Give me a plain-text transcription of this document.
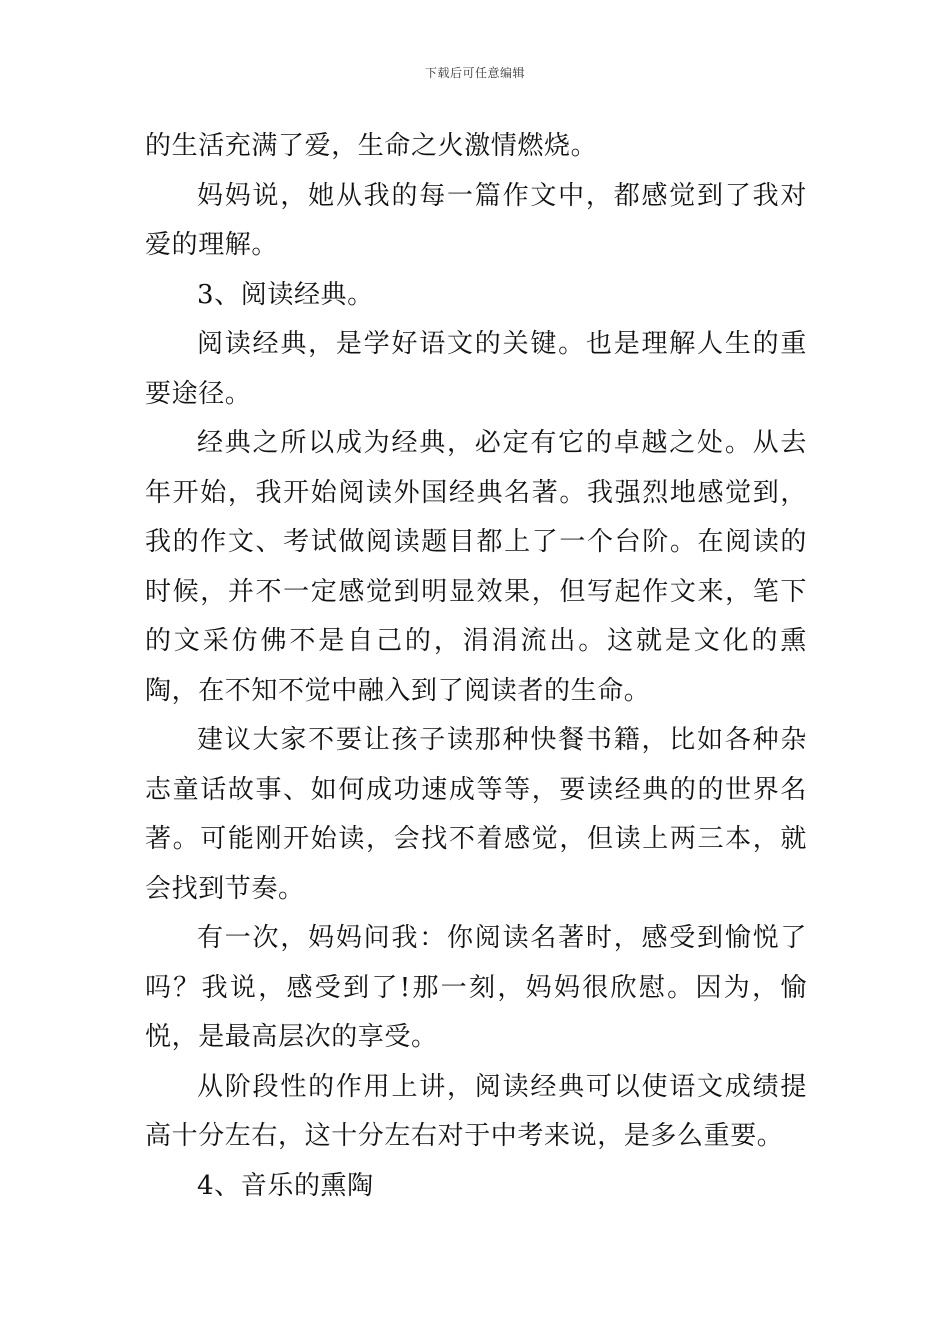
下载后可任意编辑

的生活充满了爱，生命之火激情燃烧。

妈妈说，她从我的每一篇作文中，都感觉到了我对爱的理解。

3、阅读经典。

阅读经典，是学好语文的关键。也是理解人生的重要途径。

经典之所以成为经典，必定有它的卓越之处。从去年开始，我开始阅读外国经典名著。我强烈地感觉到，我的作文、考试做阅读题目都上了一个台阶。在阅读的时候，并不一定感觉到明显效果，但写起作文来，笔下的文采仿佛不是自己的，涓涓流出。这就是文化的熏陶，在不知不觉中融入到了阅读者的生命。

建议大家不要让孩子读那种快餐书籍，比如各种杂志童话故事、如何成功速成等等，要读经典的的世界名著。可能刚开始读，会找不着感觉，但读上两三本，就会找到节奏。

有一次，妈妈问我：你阅读名著时，感受到愉悦了吗？我说，感受到了!那一刻，妈妈很欣慰。因为，愉悦，是最高层次的享受。

从阶段性的作用上讲，阅读经典可以使语文成绩提高十分左右，这十分左右对于中考来说，是多么重要。

4、音乐的熏陶
